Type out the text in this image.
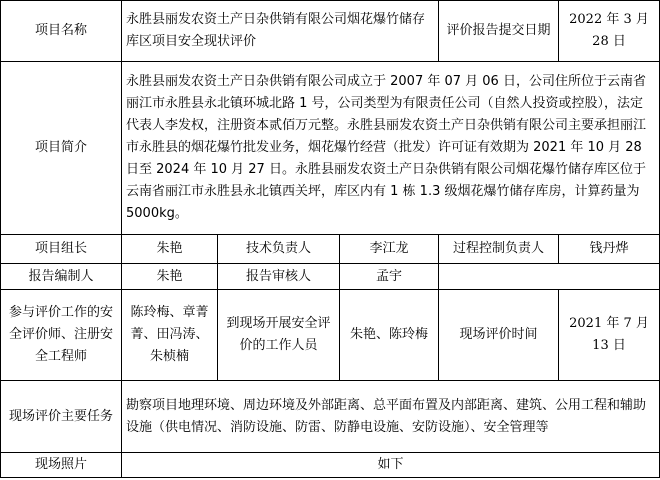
项目名称	永胜县丽发农资土产日杂供销有限公司烟花爆竹储存库区项目安全现状评价			评价报告提交日期	2022 年 3 月 28 日
项目简介	永胜县丽发农资土产日杂供销有限公司成立于 2007 年 07 月 06 日，公司住所位于云南省丽江市永胜县永北镇环城北路 1 号，公司类型为有限责任公司（自然人投资或控股），法定代表人李发权，注册资本贰佰万元整。永胜县丽发农资土产日杂供销有限公司主要承担丽江市永胜县的烟花爆竹批发业务，烟花爆竹经营（批发）许可证有效期为 2021 年 10 月 28 日至 2024 年 10 月 27 日。永胜县丽发农资土产日杂供销有限公司烟花爆竹储存库区位于云南省丽江市永胜县永北镇西关坪，库区内有 1 栋 1.3 级烟花爆竹储存库房，计算药量为 5000kg。				
项目组长	朱艳	技术负责人	李江龙	过程控制负责人	钱丹烨
报告编制人	朱艳	报告审核人	孟宇		
参与评价工作的安全评价师、注册安全工程师	陈玲梅、章菁菁、田冯涛、朱桢楠	到现场开展安全评价的工作人员	朱艳、陈玲梅	现场评价时间	2021 年 7 月 13 日
现场评价主要任务	勘察项目地理环境、周边环境及外部距离、总平面布置及内部距离、建筑、公用工程和辅助设施（供电情况、消防设施、防雷、防静电设施、安防设施）、安全管理等				
现场照片	如下				
